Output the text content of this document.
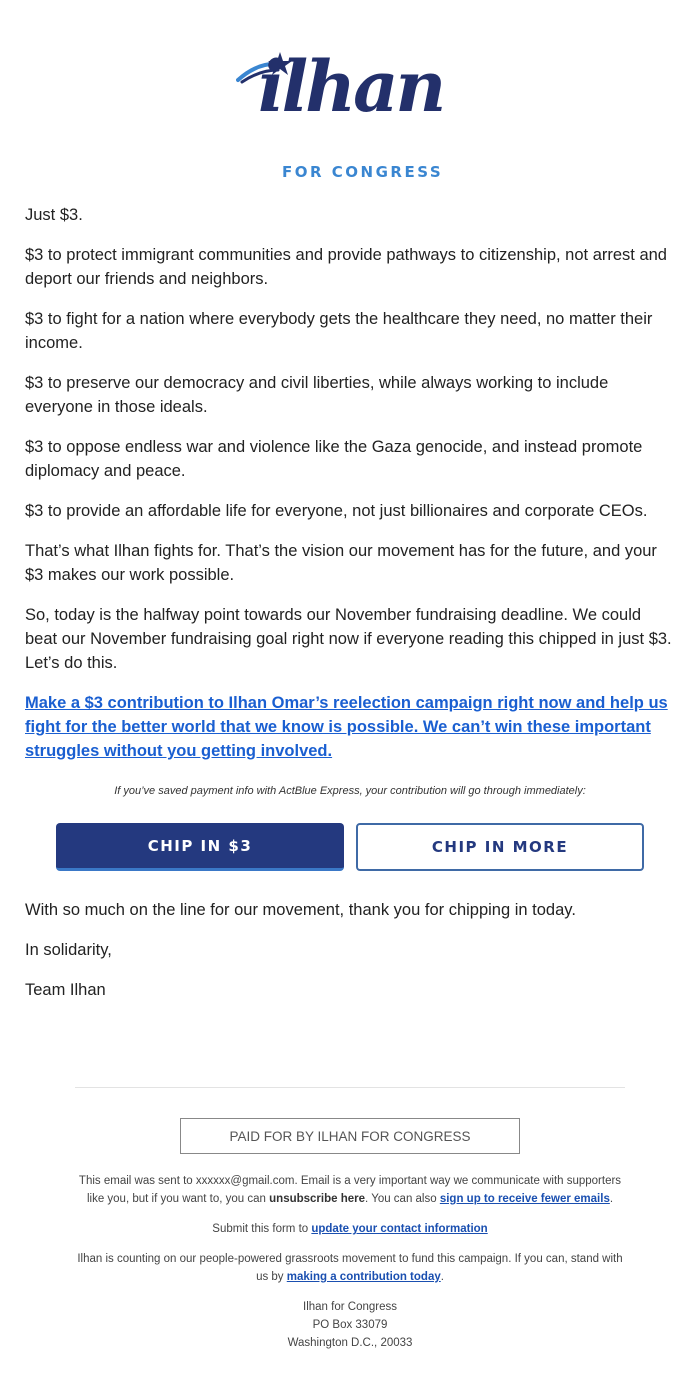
ilhan
FOR CONGRESS

Just $3.

$3 to protect immigrant communities and provide pathways to citizenship, not arrest and deport our friends and neighbors.

$3 to fight for a nation where everybody gets the healthcare they need, no matter their income.

$3 to preserve our democracy and civil liberties, while always working to include everyone in those ideals.

$3 to oppose endless war and violence like the Gaza genocide, and instead promote diplomacy and peace.

$3 to provide an affordable life for everyone, not just billionaires and corporate CEOs.

That’s what Ilhan fights for. That’s the vision our movement has for the future, and your $3 makes our work possible.

So, today is the halfway point towards our November fundraising deadline. We could beat our November fundraising goal right now if everyone reading this chipped in just $3. Let’s do this.

Make a $3 contribution to Ilhan Omar’s reelection campaign right now and help us fight for the better world that we know is possible. We can’t win these important struggles without you getting involved.
If you’ve saved payment info with ActBlue Express, your contribution will go through immediately:
CHIP IN $3	CHIP IN MORE

With so much on the line for our movement, thank you for chipping in today.

In solidarity,

Team Ilhan

PAID FOR BY ILHAN FOR CONGRESS

This email was sent to xxxxxx@gmail.com. Email is a very important way we communicate with supporters like you, but if you want to, you can unsubscribe here. You can also sign up to receive fewer emails.

Submit this form to update your contact information

Ilhan is counting on our people-powered grassroots movement to fund this campaign. If you can, stand with us by making a contribution today.

Ilhan for Congress
PO Box 33079
Washington D.C., 20033
